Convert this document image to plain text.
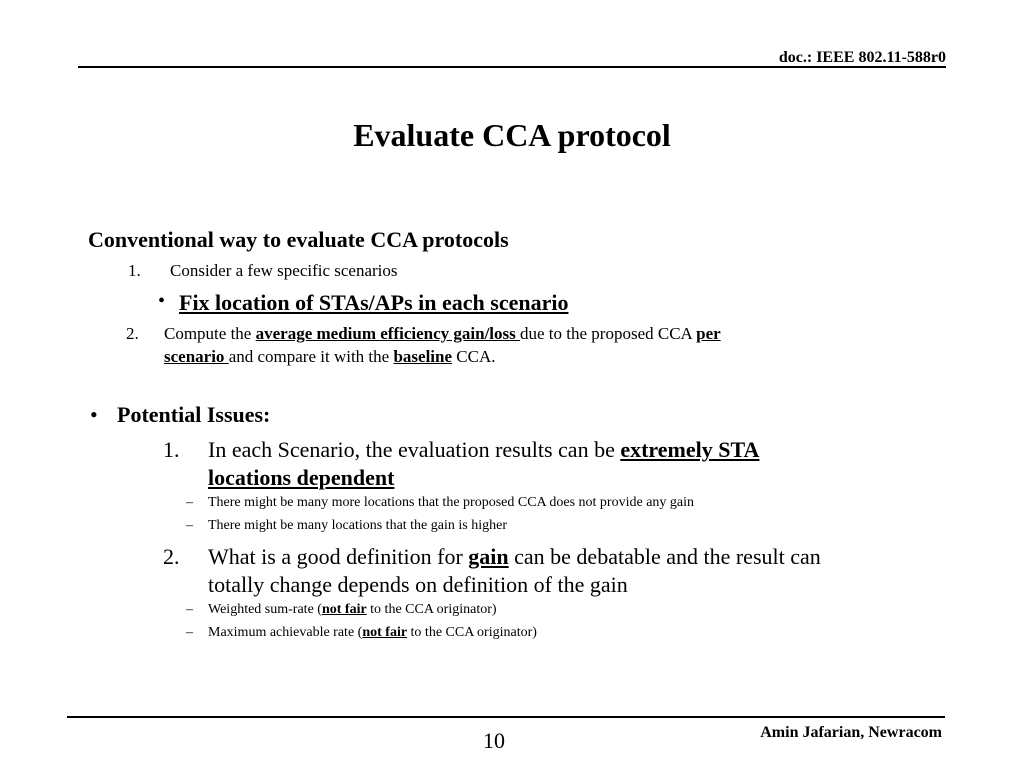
doc.: IEEE 802.11-588r0
Evaluate CCA protocol
Conventional way to evaluate CCA protocols
1. Consider a few specific scenarios
• Fix location of STAs/APs in each scenario
2. Compute the average medium efficiency gain/loss due to the proposed CCA per
scenario and compare it with the baseline CCA.
• Potential Issues:
1. In each Scenario, the evaluation results can be extremely STA
locations dependent
– There might be many more locations that the proposed CCA does not provide any gain
– There might be many locations that the gain is higher
2. What is a good definition for gain can be debatable and the result can
totally change depends on definition of the gain
– Weighted sum-rate (not fair to the CCA originator)
– Maximum achievable rate (not fair to the CCA originator)
10	Amin Jafarian, Newracom
